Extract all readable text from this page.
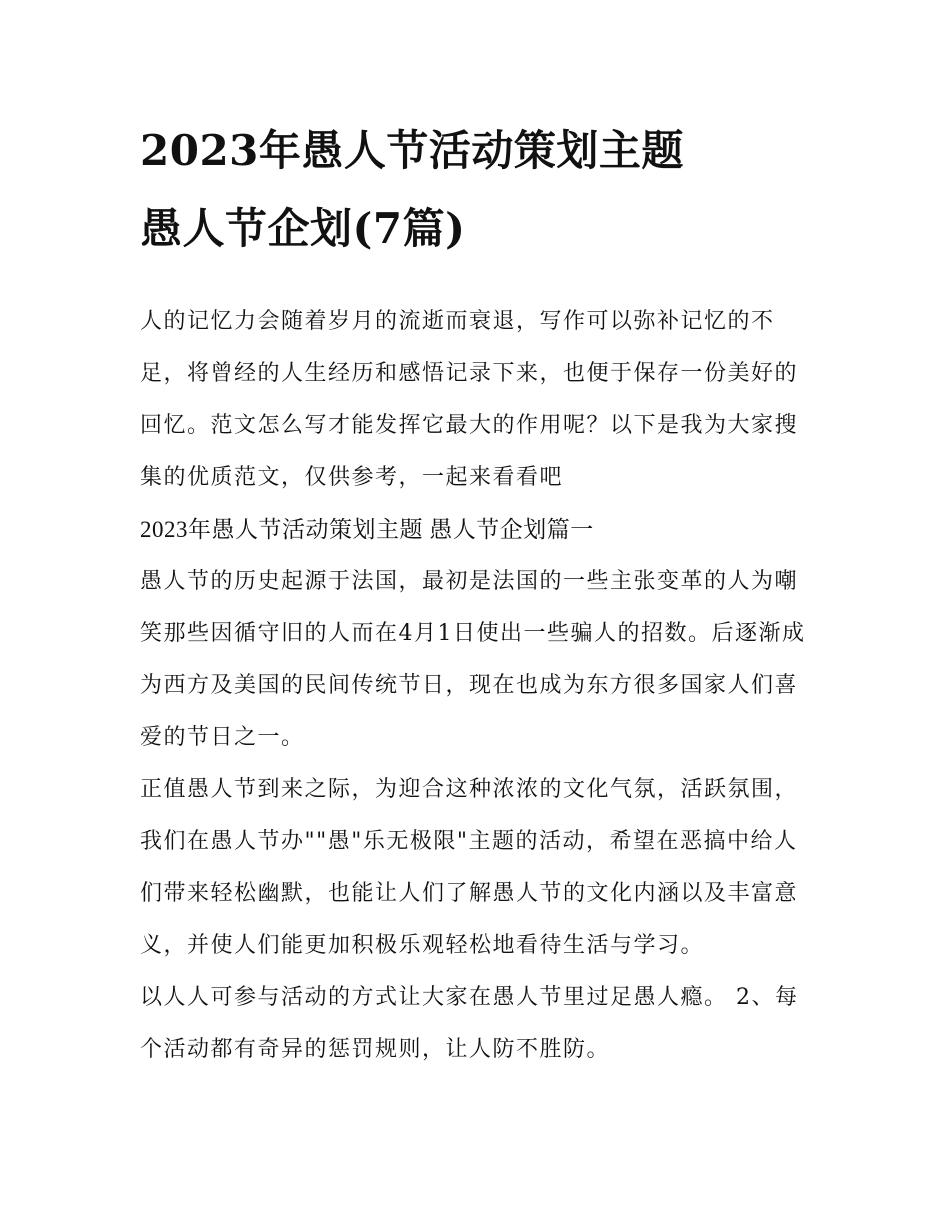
2023年愚人节活动策划主题
愚人节企划(7篇)

人的记忆力会随着岁月的流逝而衰退，写作可以弥补记忆的不足，将曾经的人生经历和感悟记录下来，也便于保存一份美好的回忆。范文怎么写才能发挥它最大的作用呢？以下是我为大家搜集的优质范文，仅供参考，一起来看看吧

2023年愚人节活动策划主题 愚人节企划篇一

愚人节的历史起源于法国，最初是法国的一些主张变革的人为嘲笑那些因循守旧的人而在4月1日使出一些骗人的招数。后逐渐成为西方及美国的民间传统节日，现在也成为东方很多国家人们喜爱的节日之一。

正值愚人节到来之际，为迎合这种浓浓的文化气氛，活跃氛围，我们在愚人节办""愚"乐无极限"主题的活动，希望在恶搞中给人们带来轻松幽默，也能让人们了解愚人节的文化内涵以及丰富意义，并使人们能更加积极乐观轻松地看待生活与学习。

以人人可参与活动的方式让大家在愚人节里过足愚人瘾。 2、每个活动都有奇异的惩罚规则，让人防不胜防。
